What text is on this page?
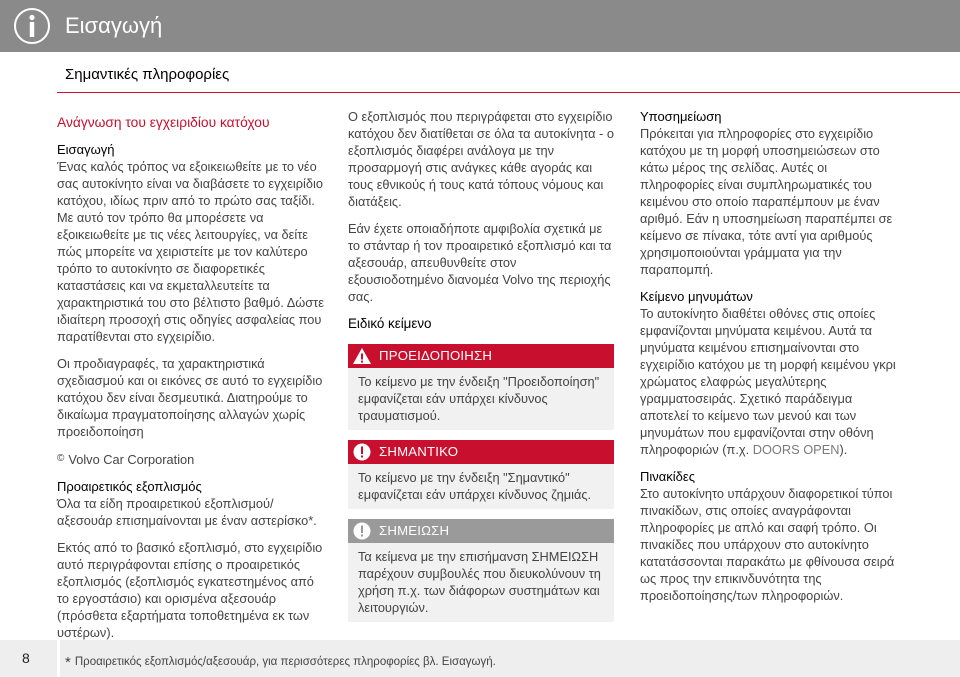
Εισαγωγή
Σημαντικές πληροφορίες

Ανάγνωση του εγχειριδίου κατόχου

Εισαγωγή

Ένας καλός τρόπος να εξοικειωθείτε με το νέο σας αυτοκίνητο είναι να διαβάσετε το εγχειρίδιο κατόχου, ιδίως πριν από το πρώτο σας ταξίδι. Με αυτό τον τρόπο θα μπορέσετε να εξοικειωθείτε με τις νέες λειτουργίες, να δείτε πώς μπορείτε να χειριστείτε με τον καλύτερο τρόπο το αυτοκίνητο σε διαφορετικές καταστάσεις και να εκμεταλλευτείτε τα χαρακτηριστικά του στο βέλτιστο βαθμό. Δώστε ιδιαίτερη προσοχή στις οδηγίες ασφαλείας που παρατίθενται στο εγχειρίδιο.

Οι προδιαγραφές, τα χαρακτηριστικά σχεδιασμού και οι εικόνες σε αυτό το εγχειρίδιο κατόχου δεν είναι δεσμευτικά. Διατηρούμε το δικαίωμα πραγματοποίησης αλλαγών χωρίς προειδοποίηση

© Volvo Car Corporation

Προαιρετικός εξοπλισμός

Όλα τα είδη προαιρετικού εξοπλισμού/αξεσουάρ επισημαίνονται με έναν αστερίσκο*.

Εκτός από το βασικό εξοπλισμό, στο εγχειρίδιο αυτό περιγράφονται επίσης ο προαιρετικός εξοπλισμός (εξοπλισμός εγκατεστημένος από το εργοστάσιο) και ορισμένα αξεσουάρ (πρόσθετα εξαρτήματα τοποθετημένα εκ των υστέρων).

Ο εξοπλισμός που περιγράφεται στο εγχειρίδιο κατόχου δεν διατίθεται σε όλα τα αυτοκίνητα - ο εξοπλισμός διαφέρει ανάλογα με την προσαρμογή στις ανάγκες κάθε αγοράς και τους εθνικούς ή τους κατά τόπους νόμους και διατάξεις.

Εάν έχετε οποιαδήποτε αμφιβολία σχετικά με το στάνταρ ή τον προαιρετικό εξοπλισμό και τα αξεσουάρ, απευθυνθείτε στον εξουσιοδοτημένο διανομέα Volvo της περιοχής σας.

Ειδικό κείμενο
ΠΡΟΕΙΔΟΠΟΙΗΣΗ
Το κείμενο με την ένδειξη "Προειδοποίηση" εμφανίζεται εάν υπάρχει κίνδυνος τραυματισμού.
ΣΗΜΑΝΤΙΚΟ
Το κείμενο με την ένδειξη "Σημαντικό" εμφανίζεται εάν υπάρχει κίνδυνος ζημιάς.
ΣΗΜΕΙΩΣΗ
Τα κείμενα με την επισήμανση ΣΗΜΕΙΩΣΗ παρέχουν συμβουλές που διευκολύνουν τη χρήση π.χ. των διάφορων συστημάτων και λειτουργιών.
Υποσημείωση

Πρόκειται για πληροφορίες στο εγχειρίδιο κατόχου με τη μορφή υποσημειώσεων στο κάτω μέρος της σελίδας. Αυτές οι πληροφορίες είναι συμπληρωματικές του κειμένου στο οποίο παραπέμπουν με έναν αριθμό. Εάν η υποσημείωση παραπέμπει σε κείμενο σε πίνακα, τότε αντί για αριθμούς χρησιμοποιούνται γράμματα για την παραπομπή.

Κείμενο μηνυμάτων

Το αυτοκίνητο διαθέτει οθόνες στις οποίες εμφανίζονται μηνύματα κειμένου. Αυτά τα μηνύματα κειμένου επισημαίνονται στο εγχειρίδιο κατόχου με τη μορφή κειμένου γκρι χρώματος ελαφρώς μεγαλύτερης γραμματοσειράς. Σχετικό παράδειγμα αποτελεί το κείμενο των μενού και των μηνυμάτων που εμφανίζονται στην οθόνη πληροφοριών (π.χ. DOORS OPEN).

Πινακίδες

Στο αυτοκίνητο υπάρχουν διαφορετικοί τύποι πινακίδων, στις οποίες αναγράφονται πληροφορίες με απλό και σαφή τρόπο. Οι πινακίδες που υπάρχουν στο αυτοκίνητο κατατάσσονται παρακάτω με φθίνουσα σειρά ως προς την επικινδυνότητα της προειδοποίησης/των πληροφοριών.

8 * Προαιρετικός εξοπλισμός/αξεσουάρ, για περισσότερες πληροφορίες βλ. Εισαγωγή.
